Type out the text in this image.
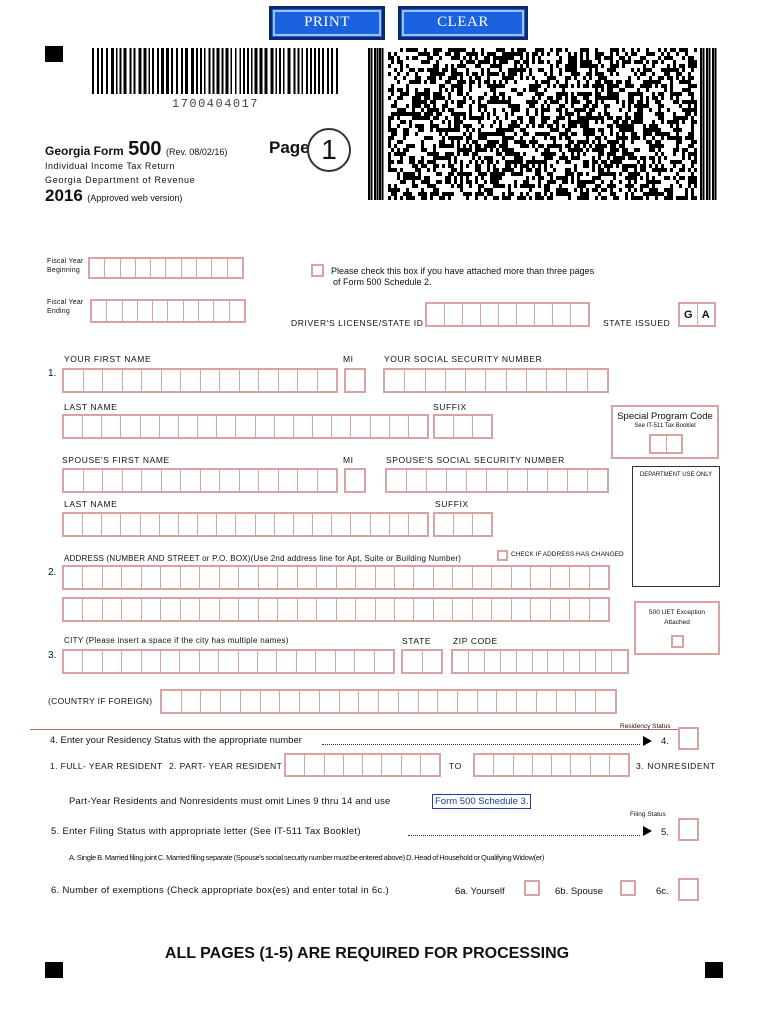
PRINT	CLEAR
1700404017
Georgia Form 500 (Rev. 08/02/16)
Individual Income Tax Return
Georgia Department of Revenue
2016 (Approved web version)
Page 1
Fiscal Year
Beginning
Fiscal Year
Ending
Please check this box if you have attached more than three pages
of Form 500 Schedule 2.
DRIVER'S LICENSE/STATE ID	STATE ISSUED
G A
1.
YOUR FIRST NAME	MI	YOUR SOCIAL SECURITY NUMBER
LAST NAME	SUFFIX
Special Program Code
See IT-511 Tax Booklet
SPOUSE'S FIRST NAME	MI	SPOUSE'S SOCIAL SECURITY NUMBER
DEPARTMENT USE ONLY
LAST NAME	SUFFIX
ADDRESS (NUMBER AND STREET or P.O. BOX)(Use 2nd address line for Apt, Suite or Building Number)	CHECK IF ADDRESS HAS CHANGED
2.
500 UET Exception
Attached
CITY (Please insert a space if the city has multiple names)	STATE	ZIP CODE
3.
(COUNTRY IF FOREIGN)
Residency Status
4. Enter your Residency Status with the appropriate number	4.
1. FULL- YEAR RESIDENT 2. PART- YEAR RESIDENT	TO	3. NONRESIDENT
Part-Year Residents and Nonresidents must omit Lines 9 thru 14 and use	Form 500 Schedule 3.
Filing Status
5. Enter Filing Status with appropriate letter (See IT-511 Tax Booklet)	5.
A. Single B. Married filing joint C. Married filing separate (Spouse's social security number must be entered above) D. Head of Household or Qualifying Widow(er)
6. Number of exemptions (Check appropriate box(es) and enter total in 6c.)	6a. Yourself	6b. Spouse	6c.
ALL PAGES (1-5) ARE REQUIRED FOR PROCESSING
